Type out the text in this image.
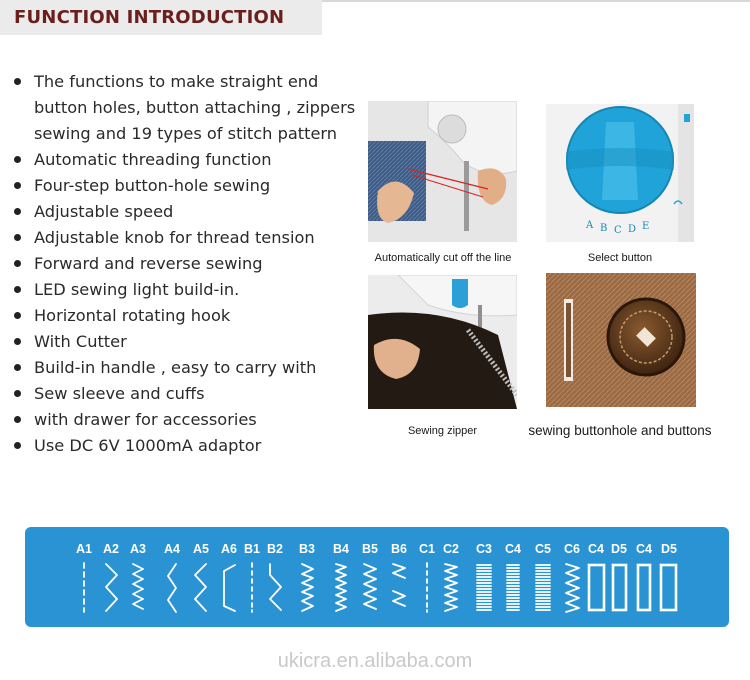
FUNCTION INTRODUCTION
The functions to make straight end button holes, button attaching , zippers sewing and 19 types of stitch pattern
Automatic threading function
Four-step button-hole sewing
Adjustable speed
Adjustable knob for thread tension
Forward and reverse sewing
LED sewing light build-in.
Horizontal rotating hook
With Cutter
Build-in handle , easy to carry with
Sew sleeve and cuffs
with drawer for accessories
Use DC 6V 1000mA adaptor
Automatically cut off the line
A B C D E
Select button
Sewing zipper	sewing buttonhole and buttons
A1 A2 A3	A4	A5 A6 B1 B2	B3	B4	B5	B6 C1 C2	C3	C4	C5	C6 C4 D5 C4 D5
ukicra.en.alibaba.com
